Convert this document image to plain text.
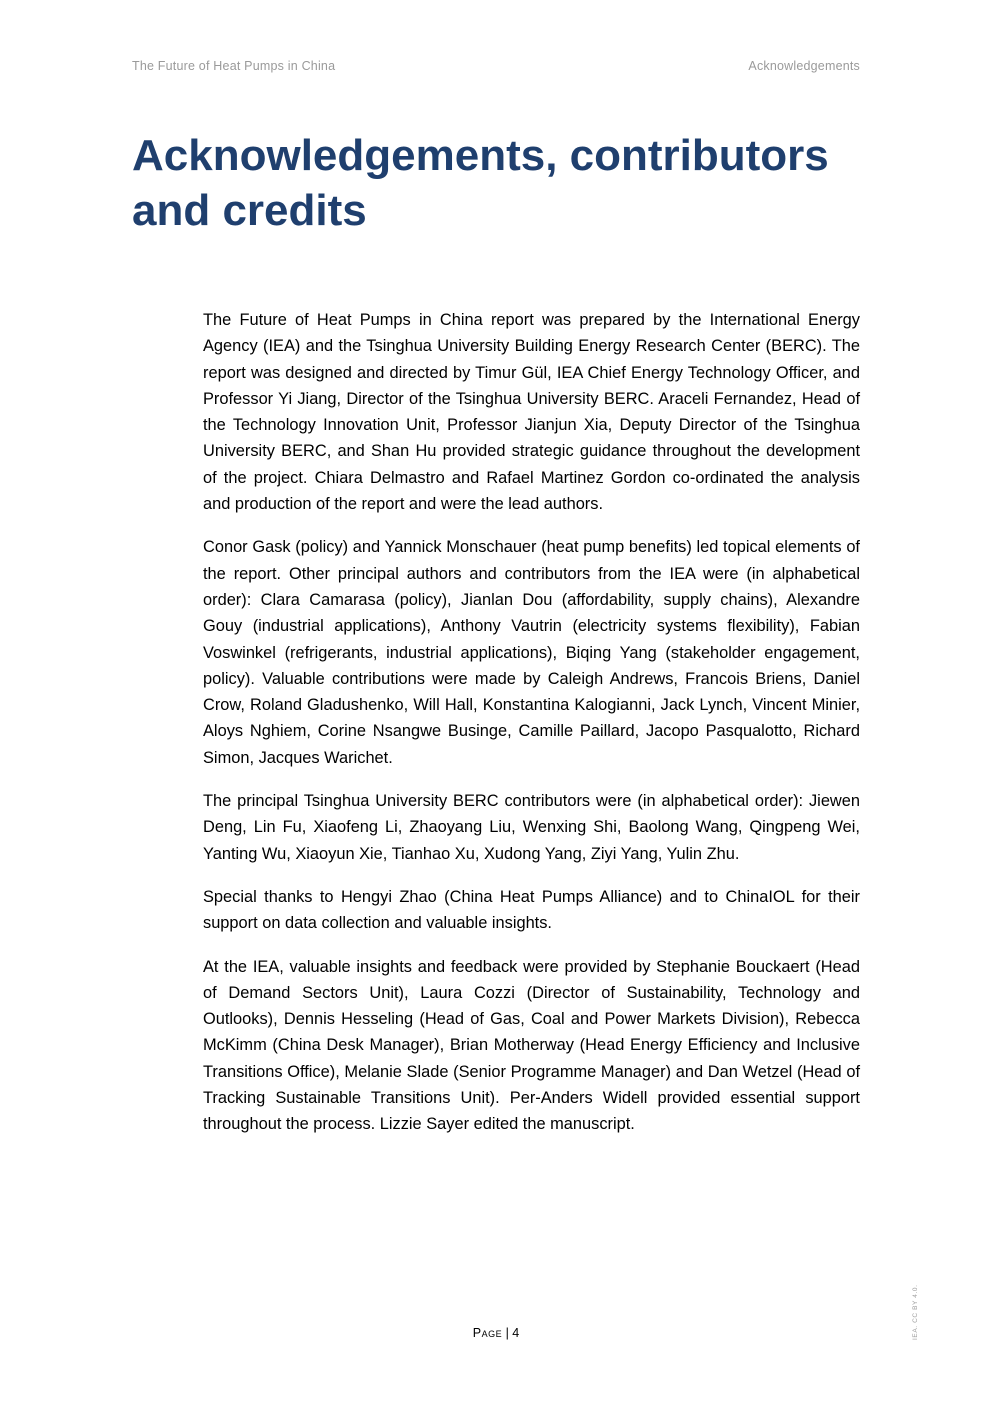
The Future of Heat Pumps in China	Acknowledgements
Acknowledgements, contributors and credits

The Future of Heat Pumps in China report was prepared by the International Energy Agency (IEA) and the Tsinghua University Building Energy Research Center (BERC). The report was designed and directed by Timur Gül, IEA Chief Energy Technology Officer, and Professor Yi Jiang, Director of the Tsinghua University BERC. Araceli Fernandez, Head of the Technology Innovation Unit, Professor Jianjun Xia, Deputy Director of the Tsinghua University BERC, and Shan Hu provided strategic guidance throughout the development of the project. Chiara Delmastro and Rafael Martinez Gordon co-ordinated the analysis and production of the report and were the lead authors.

Conor Gask (policy) and Yannick Monschauer (heat pump benefits) led topical elements of the report. Other principal authors and contributors from the IEA were (in alphabetical order): Clara Camarasa (policy), Jianlan Dou (affordability, supply chains), Alexandre Gouy (industrial applications), Anthony Vautrin (electricity systems flexibility), Fabian Voswinkel (refrigerants, industrial applications), Biqing Yang (stakeholder engagement, policy). Valuable contributions were made by Caleigh Andrews, Francois Briens, Daniel Crow, Roland Gladushenko, Will Hall, Konstantina Kalogianni, Jack Lynch, Vincent Minier, Aloys Nghiem, Corine Nsangwe Businge, Camille Paillard, Jacopo Pasqualotto, Richard Simon, Jacques Warichet.

The principal Tsinghua University BERC contributors were (in alphabetical order): Jiewen Deng, Lin Fu, Xiaofeng Li, Zhaoyang Liu, Wenxing Shi, Baolong Wang, Qingpeng Wei, Yanting Wu, Xiaoyun Xie, Tianhao Xu, Xudong Yang, Ziyi Yang, Yulin Zhu.

Special thanks to Hengyi Zhao (China Heat Pumps Alliance) and to ChinaIOL for their support on data collection and valuable insights.

At the IEA, valuable insights and feedback were provided by Stephanie Bouckaert (Head of Demand Sectors Unit), Laura Cozzi (Director of Sustainability, Technology and Outlooks), Dennis Hesseling (Head of Gas, Coal and Power Markets Division), Rebecca McKimm (China Desk Manager), Brian Motherway (Head Energy Efficiency and Inclusive Transitions Office), Melanie Slade (Senior Programme Manager) and Dan Wetzel (Head of Tracking Sustainable Transitions Unit). Per-Anders Widell provided essential support throughout the process. Lizzie Sayer edited the manuscript.

Page | 4	IEA. CC BY 4.0.
